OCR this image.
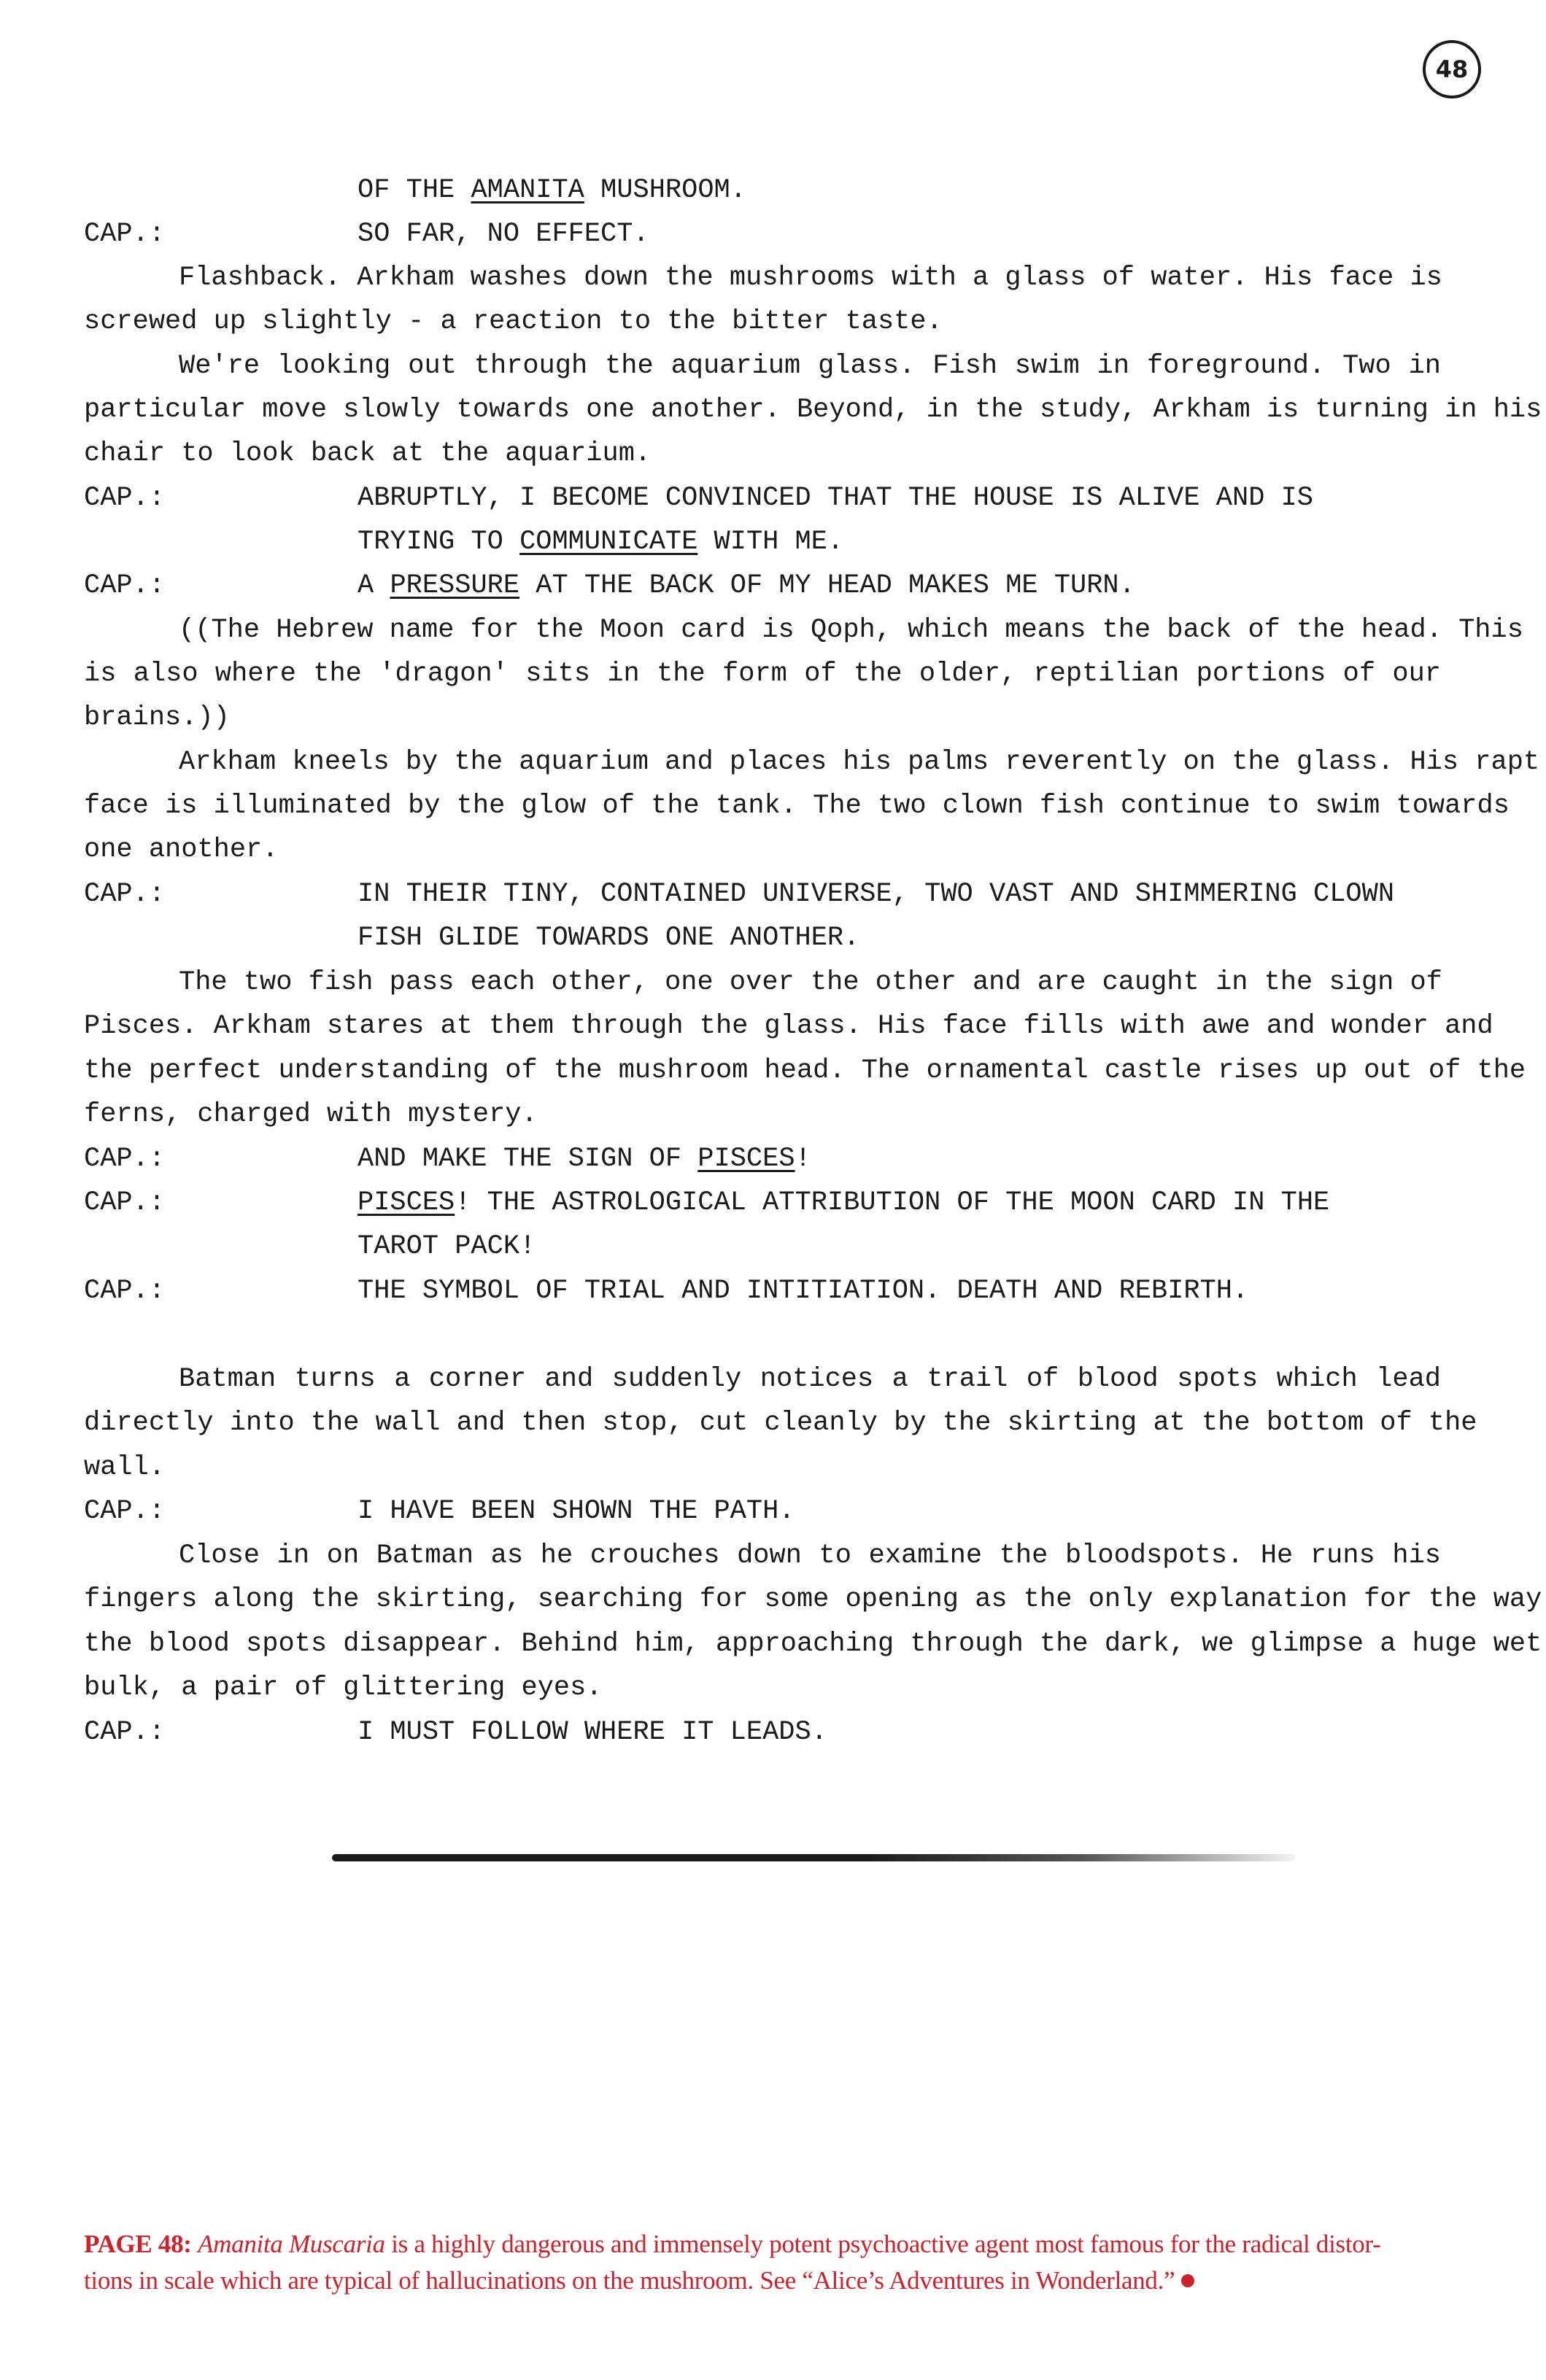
48
OF THE AMANITA MUSHROOM.
CAP.:	SO FAR, NO EFFECT.
Flashback. Arkham washes down the mushrooms with a glass of water. His face is
screwed up slightly - a reaction to the bitter taste.
We're looking out through the aquarium glass. Fish swim in foreground. Two in
particular move slowly towards one another. Beyond, in the study, Arkham is turning in his
chair to look back at the aquarium.
CAP.:	ABRUPTLY, I BECOME CONVINCED THAT THE HOUSE IS ALIVE AND IS
TRYING TO COMMUNICATE WITH ME.
CAP.:	A PRESSURE AT THE BACK OF MY HEAD MAKES ME TURN.
((The Hebrew name for the Moon card is Qoph, which means the back of the head. This
is also where the 'dragon' sits in the form of the older, reptilian portions of our
brains.))
Arkham kneels by the aquarium and places his palms reverently on the glass. His rapt
face is illuminated by the glow of the tank. The two clown fish continue to swim towards
one another.
CAP.:	IN THEIR TINY, CONTAINED UNIVERSE, TWO VAST AND SHIMMERING CLOWN
FISH GLIDE TOWARDS ONE ANOTHER.
The two fish pass each other, one over the other and are caught in the sign of
Pisces. Arkham stares at them through the glass. His face fills with awe and wonder and
the perfect understanding of the mushroom head. The ornamental castle rises up out of the
ferns, charged with mystery.
CAP.:	AND MAKE THE SIGN OF PISCES!
CAP.:	PISCES! THE ASTROLOGICAL ATTRIBUTION OF THE MOON CARD IN THE
TAROT PACK!
CAP.:	THE SYMBOL OF TRIAL AND INTITIATION. DEATH AND REBIRTH.
Batman turns a corner and suddenly notices a trail of blood spots which lead
directly into the wall and then stop, cut cleanly by the skirting at the bottom of the
wall.
CAP.:	I HAVE BEEN SHOWN THE PATH.
Close in on Batman as he crouches down to examine the bloodspots. He runs his
fingers along the skirting, searching for some opening as the only explanation for the way
the blood spots disappear. Behind him, approaching through the dark, we glimpse a huge wet
bulk, a pair of glittering eyes.
CAP.:	I MUST FOLLOW WHERE IT LEADS.
PAGE 48: Amanita Muscaria is a highly dangerous and immensely potent psychoactive agent most famous for the radical distor-
tions in scale which are typical of hallucinations on the mushroom. See “Alice’s Adventures in Wonderland.”
